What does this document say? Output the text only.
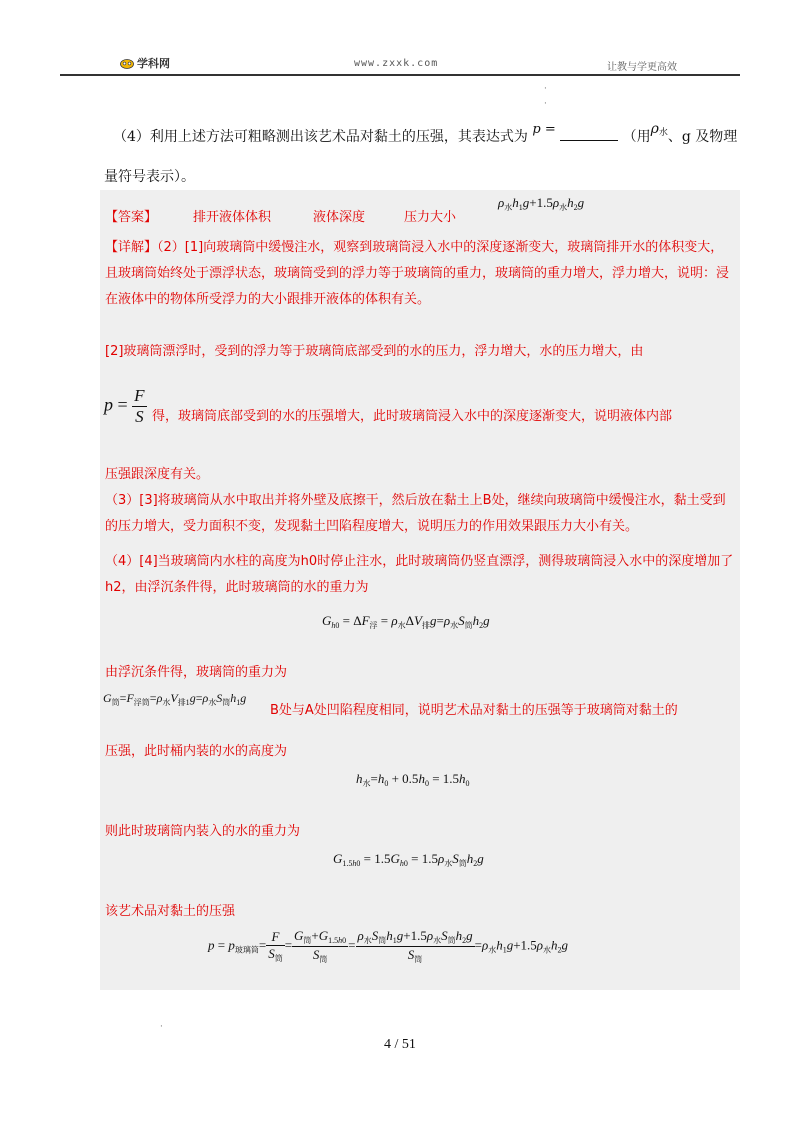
学科网	www.zxxk.com	让教与学更高效
·
·
（4）利用上述方法可粗略测出该艺术品对黏土的压强，其表达式为 p =	（用$\rho^水$、g 及物理
量符号表示）。
【答案】	排开液体体积	液体深度	压力大小
$\rho_水h_1g+1.5\rho_水h_2g$
【详解】（2）[1]向玻璃筒中缓慢注水，观察到玻璃筒浸入水中的深度逐渐变大，玻璃筒排开水的体积变大，且玻璃筒始终处于漂浮状态，玻璃筒受到的浮力等于玻璃筒的重力，玻璃筒的重力增大，浮力增大，说明：浸在液体中的物体所受浮力的大小跟排开液体的体积有关。
[2]玻璃筒漂浮时，受到的浮力等于玻璃筒底部受到的水的压力，浮力增大，水的压力增大，由
$p = \frac{F}{S}$ 得，玻璃筒底部受到的水的压强增大，此时玻璃筒浸入水中的深度逐渐变大，说明液体内部
压强跟深度有关。
（3）[3]将玻璃筒从水中取出并将外壁及底擦干，然后放在黏土上B处，继续向玻璃筒中缓慢注水，黏土受到的压力增大，受力面积不变，发现黏土凹陷程度增大，说明压力的作用效果跟压力大小有关。
（4）[4]当玻璃筒内水柱的高度为h0时停止注水，此时玻璃筒仍竖直漂浮，测得玻璃筒浸入水中的深度增加了h2，由浮沉条件得，此时玻璃筒的水的重力为
$G_{h0} = \Delta F_浮 = \rho_水\Delta V_排g=\rho_水S_筒h_2g$
由浮沉条件得，玻璃筒的重力为
$G_筒=F_{浮筒}=\rho_水V_{排1}g=\rho_水S_筒h_1g$
B处与A处凹陷程度相同，说明艺术品对黏土的压强等于玻璃筒对黏土的
压强，此时桶内装的水的高度为
$h_水=h_0 + 0.5h_0 = 1.5h_0$
则此时玻璃筒内装入的水的重力为
$G_{1.5h0} = 1.5G_{h0} = 1.5\rho_水S_筒h_2g$
该艺术品对黏土的压强
$p = p_{玻璃筒}= \frac{F}{S_筒} = \frac{G_筒+G_{1.5h0}}{S_筒} = \frac{\rho_水S_筒h_1g+1.5\rho_水S_筒h_2g}{S_筒} =\rho_水h_1g+1.5\rho_水h_2g$
·
4 / 51
